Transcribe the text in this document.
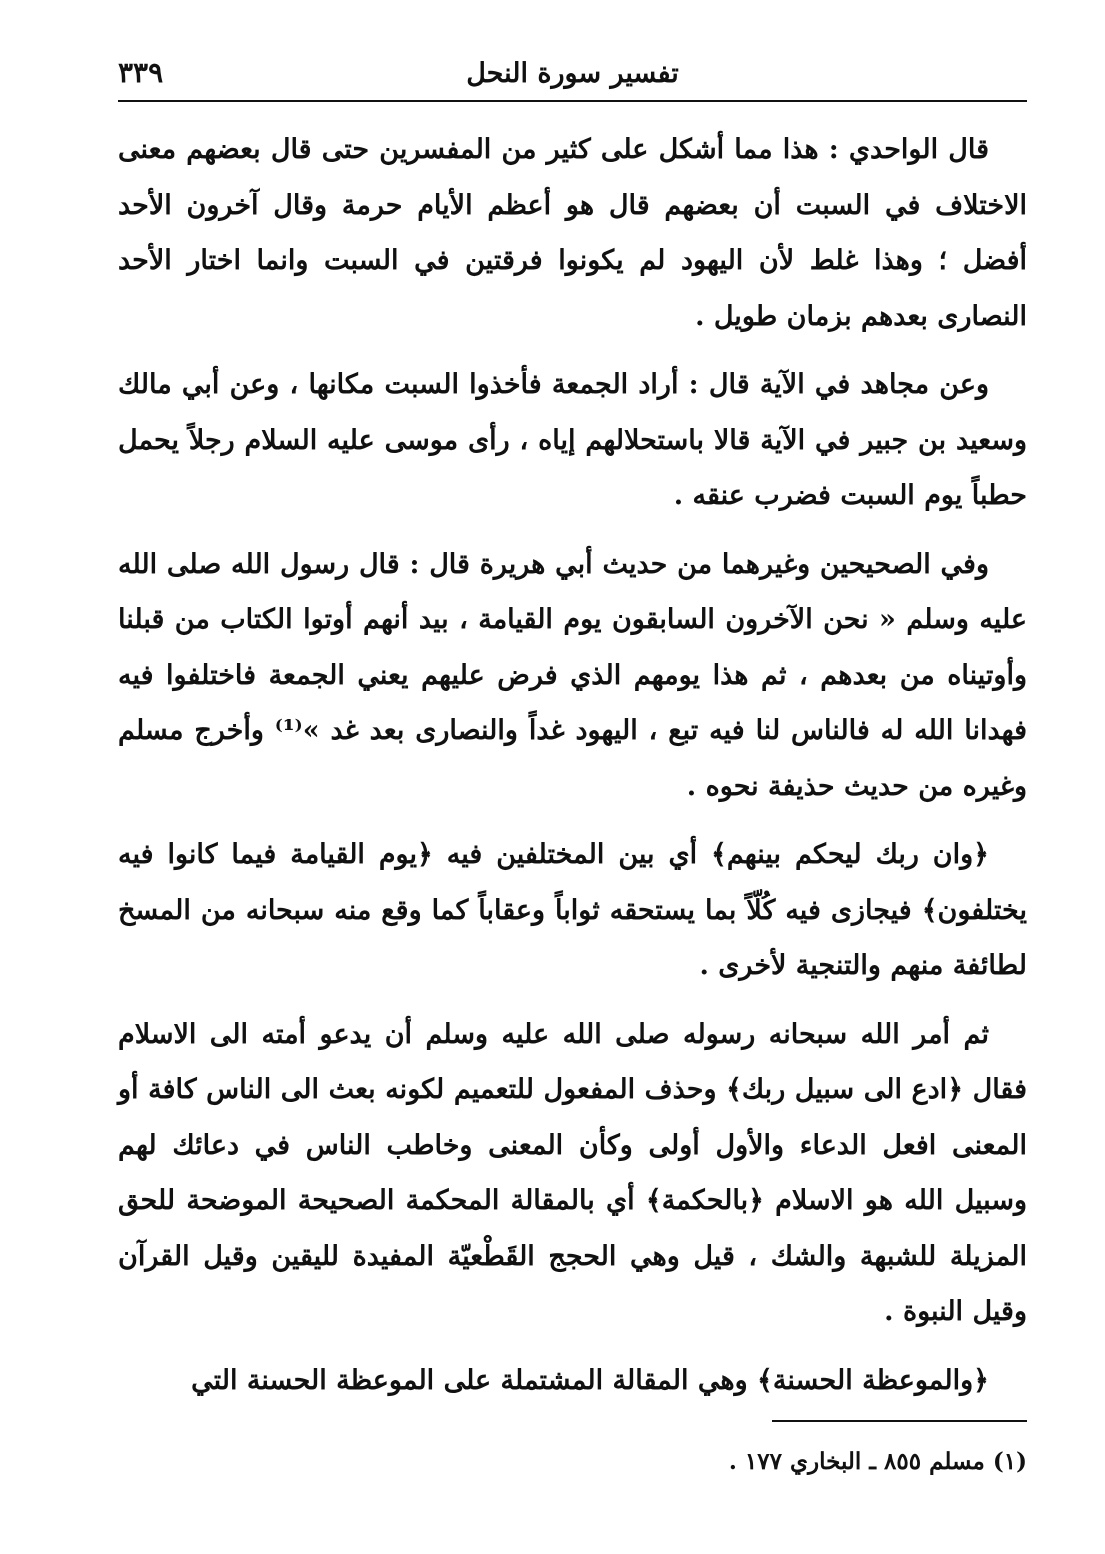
٣٣٩	تفسير سورة النحل

قال الواحدي : هذا مما أشكل على كثير من المفسرين حتى قال بعضهم معنى الاختلاف في السبت أن بعضهم قال هو أعظم الأيام حرمة وقال آخرون الأحد أفضل ؛ وهذا غلط لأن اليهود لم يكونوا فرقتين في السبت وانما اختار الأحد النصارى بعدهم بزمان طويل .

وعن مجاهد في الآية قال : أراد الجمعة فأخذوا السبت مكانها ، وعن أبي مالك وسعيد بن جبير في الآية قالا باستحلالهم إياه ، رأى موسى عليه السلام رجلاً يحمل حطباً يوم السبت فضرب عنقه .

وفي الصحيحين وغيرهما من حديث أبي هريرة قال : قال رسول الله صلى الله عليه وسلم « نحن الآخرون السابقون يوم القيامة ، بيد أنهم أوتوا الكتاب من قبلنا وأوتيناه من بعدهم ، ثم هذا يومهم الذي فرض عليهم يعني الجمعة فاختلفوا فيه فهدانا الله له فالناس لنا فيه تبع ، اليهود غداً والنصارى بعد غد »⁽¹⁾ وأخرج مسلم وغيره من حديث حذيفة نحوه .

﴿وان ربك ليحكم بينهم﴾ أي بين المختلفين فيه ﴿يوم القيامة فيما كانوا فيه يختلفون﴾ فيجازى فيه كُلّاً بما يستحقه ثواباً وعقاباً كما وقع منه سبحانه من المسخ لطائفة منهم والتنجية لأخرى .

ثم أمر الله سبحانه رسوله صلى الله عليه وسلم أن يدعو أمته الى الاسلام فقال ﴿ادع الى سبيل ربك﴾ وحذف المفعول للتعميم لكونه بعث الى الناس كافة أو المعنى افعل الدعاء والأول أولى وكأن المعنى وخاطب الناس في دعائك لهم وسبيل الله هو الاسلام ﴿بالحكمة﴾ أي بالمقالة المحكمة الصحيحة الموضحة للحق المزيلة للشبهة والشك ، قيل وهي الحجج القَطْعيّة المفيدة لليقين وقيل القرآن وقيل النبوة .

﴿والموعظة الحسنة﴾ وهي المقالة المشتملة على الموعظة الحسنة التي

(١) مسلم ٨٥٥ ـ البخاري ١٧٧ .
